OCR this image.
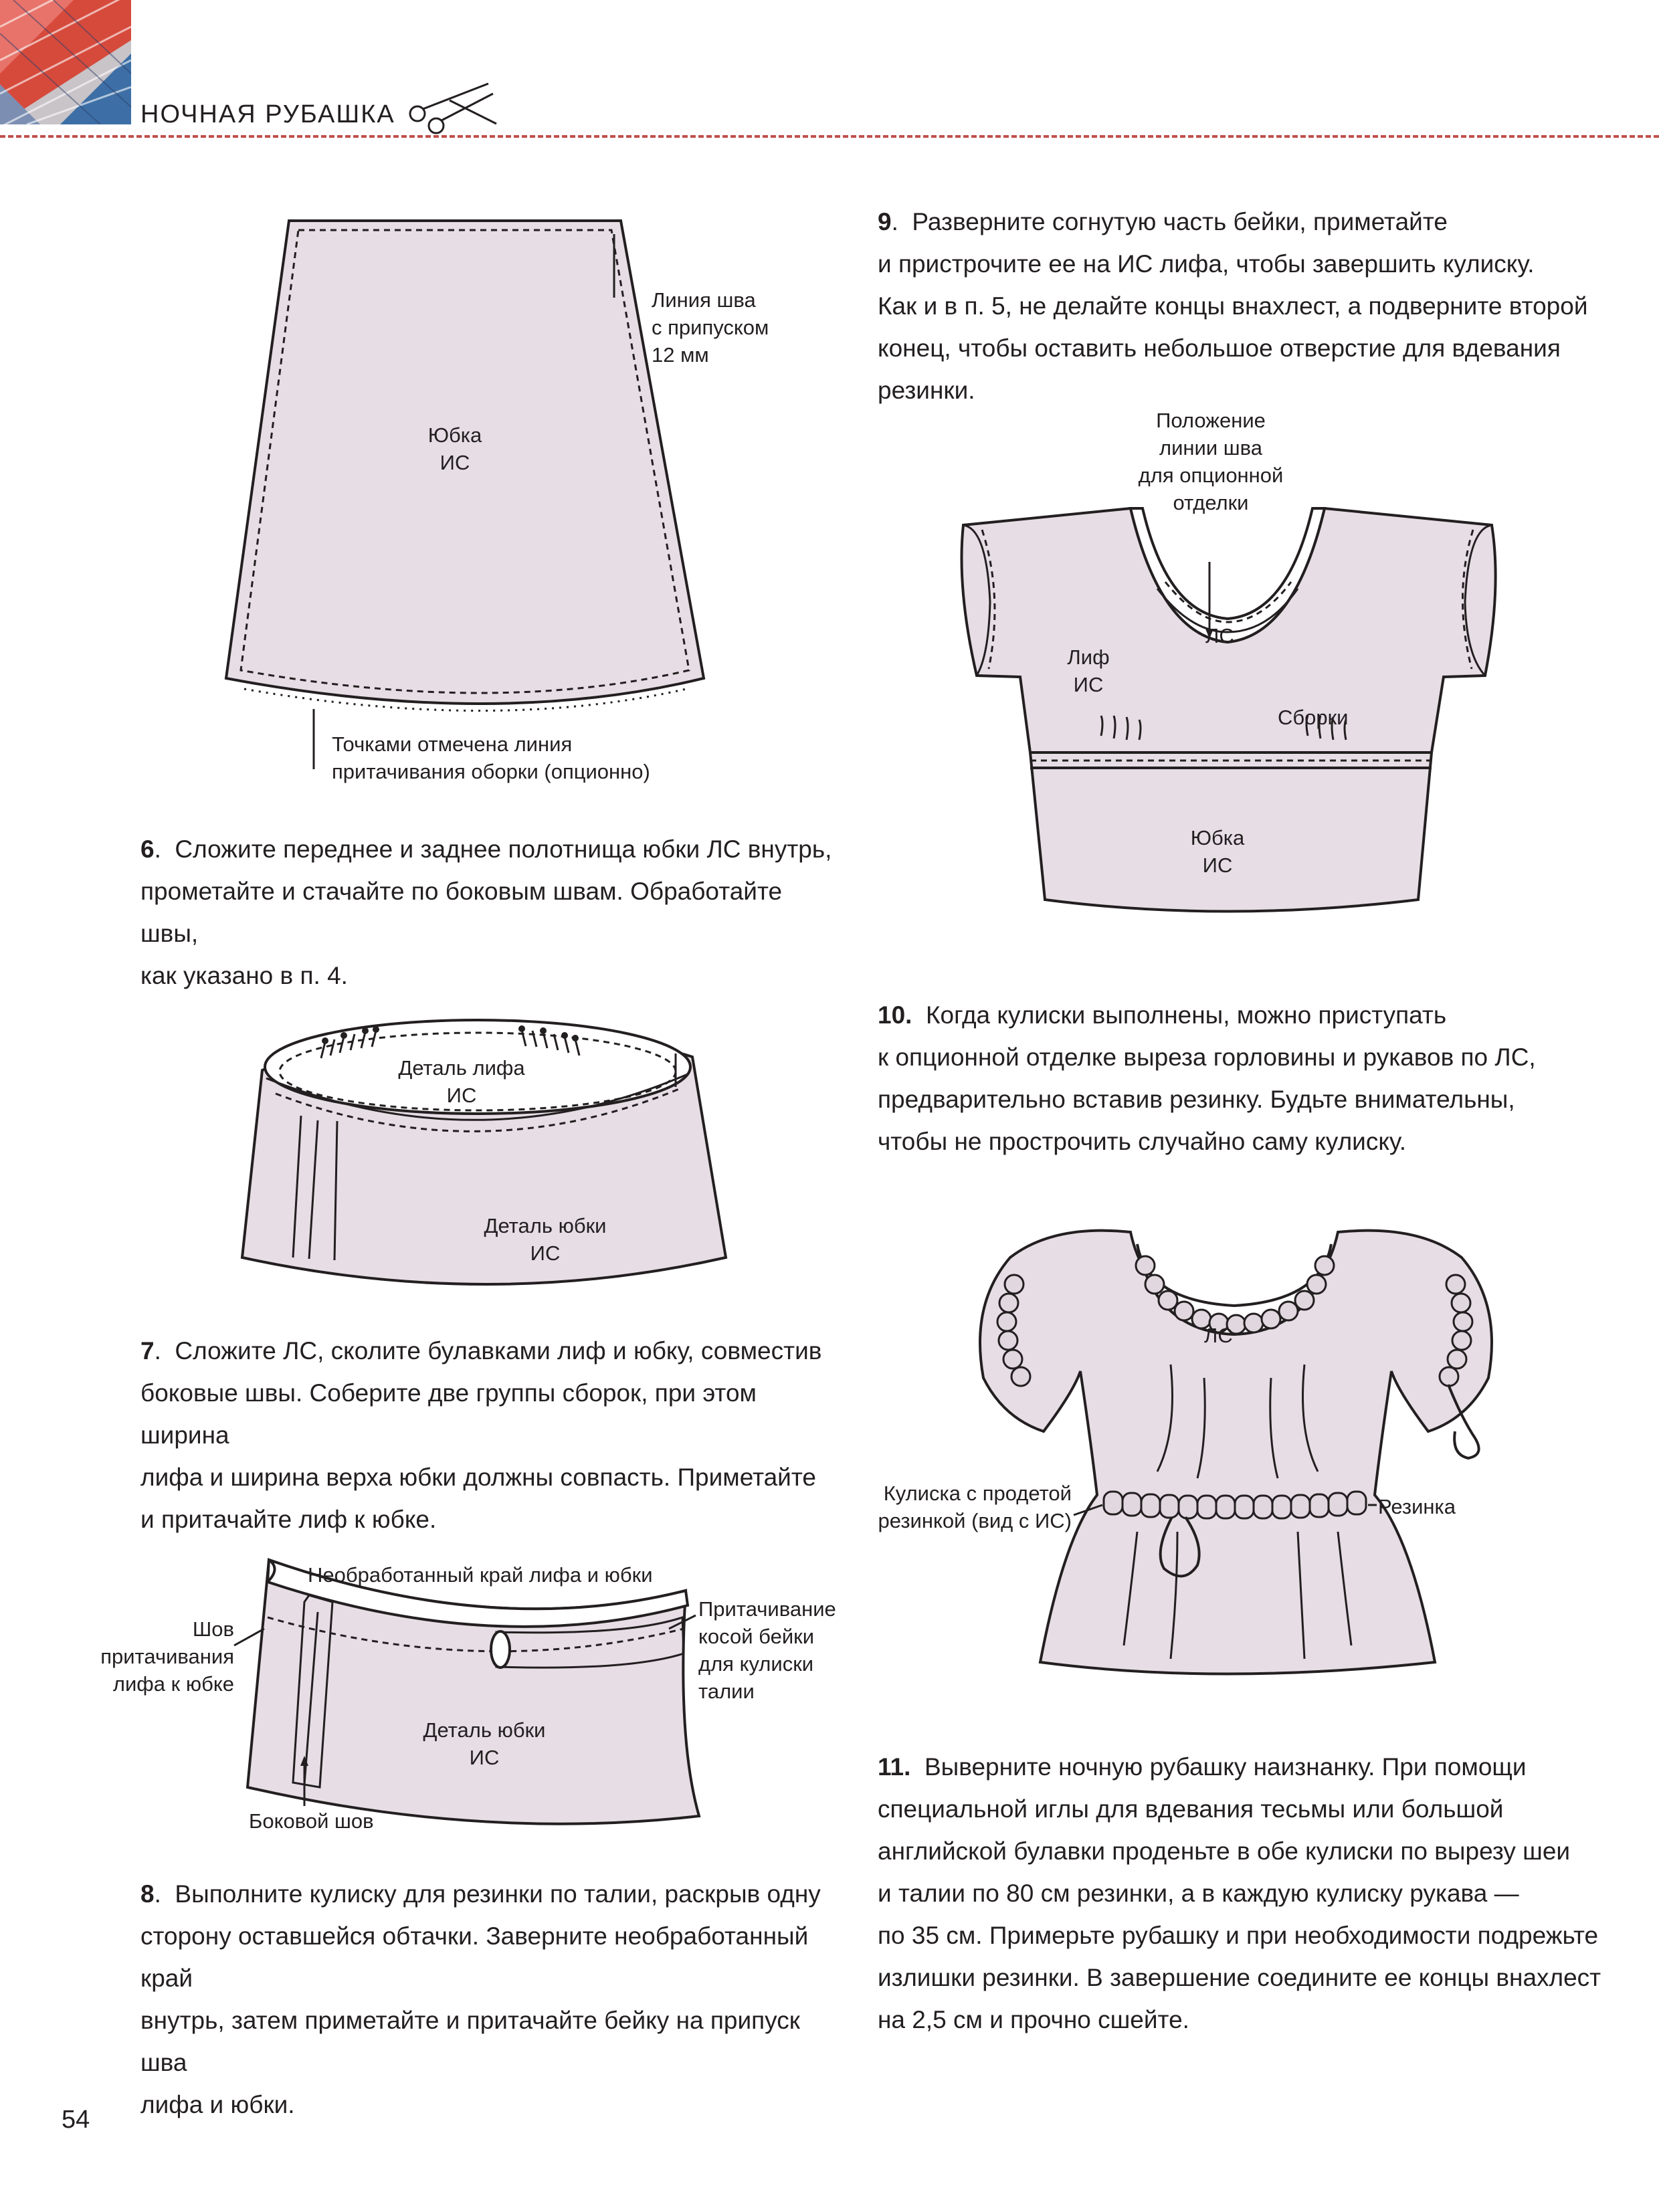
НОЧНАЯ РУБАШКА
Линия шва
с припуском
12 мм
Юбка
ИС
Точками отмечена линия
притачивания оборки (опционно)

6.  Сложите переднее и заднее полотнища юбки ЛС внутрь,

прометайте и стачайте по боковым швам. Обработайте швы,

как указано в п. 4.

Деталь лифа
ИС
Деталь юбки
ИС

7.  Сложите ЛС, сколите булавками лиф и юбку, совместив

боковые швы. Соберите две группы сборок, при этом ширина

лифа и ширина верха юбки должны совпасть. Приметайте

и притачайте лиф к юбке.

Необработанный край лифа и юбки
Шов
притачивания
лифа к юбке
Притачивание
косой бейки
для кулиски
талии
Деталь юбки
ИС
Боковой шов

8.  Выполните кулиску для резинки по талии, раскрыв одну

сторону оставшейся обтачки. Заверните необработанный край

внутрь, затем приметайте и притачайте бейку на припуск шва

лифа и юбки.

9.  Разверните согнутую часть бейки, приметайте

и пристрочите ее на ИС лифа, чтобы завершить кулиску.

Как и в п. 5, не делайте концы внахлест, а подверните второй

конец, чтобы оставить небольшое отверстие для вдевания

резинки.

Положение
линии шва
для опционной
отделки
ЛС
Лиф
ИС
Сборки
Юбка
ИС

10. Когда кулиски выполнены, можно приступать

к опционной отделке выреза горловины и рукавов по ЛС,

предварительно вставив резинку. Будьте внимательны,

чтобы не прострочить случайно саму кулиску.

ЛС
Кулиска с продетой
резинкой (вид с ИС)
Резинка

11. Выверните ночную рубашку наизнанку. При помощи

специальной иглы для вдевания тесьмы или большой

английской булавки проденьте в обе кулиски по вырезу шеи

и талии по 80 см резинки, а в каждую кулиску рукава —

по 35 см. Примерьте рубашку и при необходимости подрежьте

излишки резинки. В завершение соедините ее концы внахлест

на 2,5 см и прочно сшейте.

54
